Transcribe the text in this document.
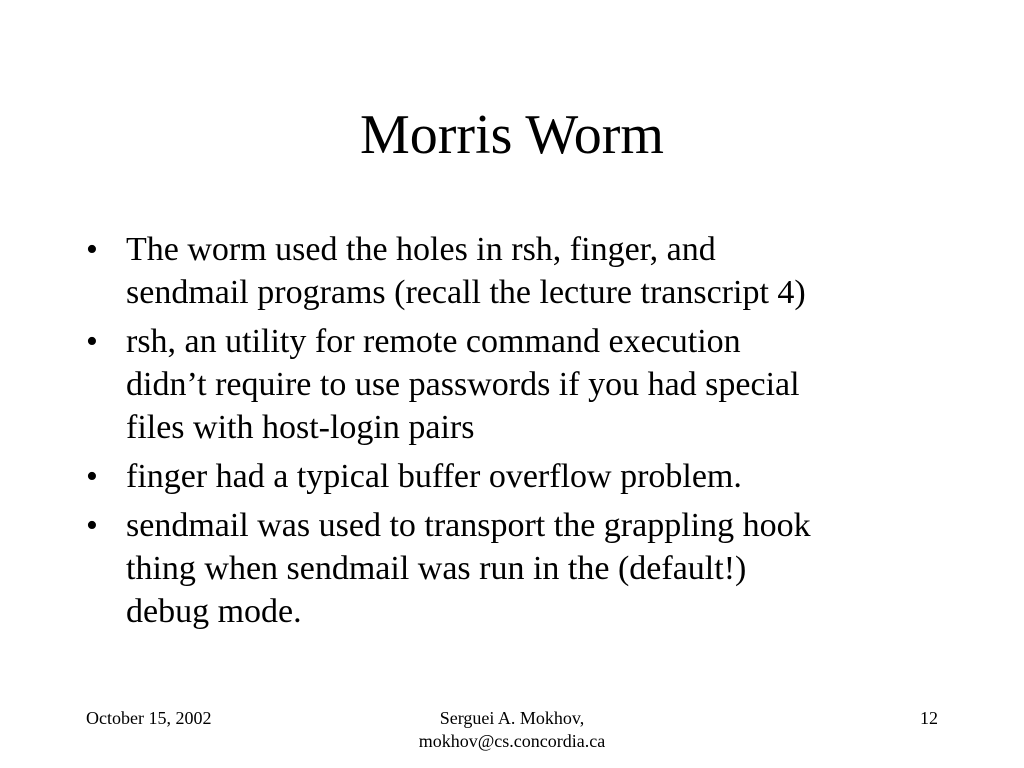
Morris Worm
• The worm used the holes in rsh, finger, and
sendmail programs (recall the lecture transcript 4)
• rsh, an utility for remote command execution
didn’t require to use passwords if you had special
files with host-login pairs
• finger had a typical buffer overflow problem.
• sendmail was used to transport the grappling hook
thing when sendmail was run in the (default!)
debug mode.
October 15, 2002	Serguei A. Mokhov,
mokhov@cs.concordia.ca
12
